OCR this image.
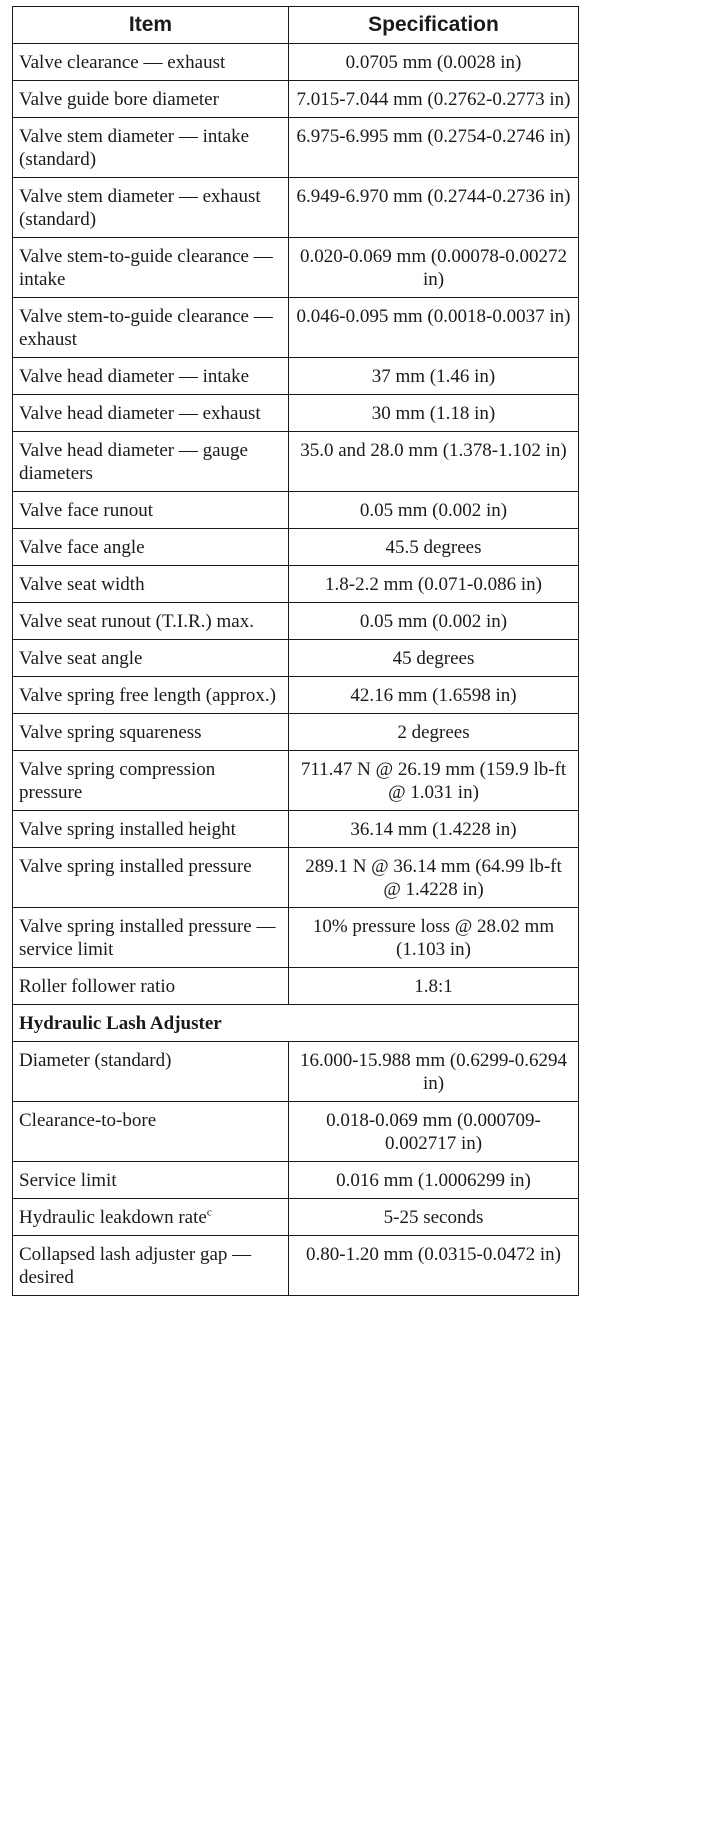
Item	Specification
Valve clearance — exhaust	0.0705 mm (0.0028 in)
Valve guide bore diameter	7.015-7.044 mm (0.2762-0.2773 in)
Valve stem diameter — intake (standard)	6.975-6.995 mm (0.2754-0.2746 in)
Valve stem diameter — exhaust (standard)	6.949-6.970 mm (0.2744-0.2736 in)
Valve stem-to-guide clearance — intake	0.020-0.069 mm (0.00078-0.00272 in)
Valve stem-to-guide clearance — exhaust	0.046-0.095 mm (0.0018-0.0037 in)
Valve head diameter — intake	37 mm (1.46 in)
Valve head diameter — exhaust	30 mm (1.18 in)
Valve head diameter — gauge diameters	35.0 and 28.0 mm (1.378-1.102 in)
Valve face runout	0.05 mm (0.002 in)
Valve face angle	45.5 degrees
Valve seat width	1.8-2.2 mm (0.071-0.086 in)
Valve seat runout (T.I.R.) max.	0.05 mm (0.002 in)
Valve seat angle	45 degrees
Valve spring free length (approx.)	42.16 mm (1.6598 in)
Valve spring squareness	2 degrees
Valve spring compression pressure	711.47 N @ 26.19 mm (159.9 lb-ft @ 1.031 in)
Valve spring installed height	36.14 mm (1.4228 in)
Valve spring installed pressure	289.1 N @ 36.14 mm (64.99 lb-ft @ 1.4228 in)
Valve spring installed pressure — service limit	10% pressure loss @ 28.02 mm (1.103 in)
Roller follower ratio	1.8:1
Hydraulic Lash Adjuster	
Diameter (standard)	16.000-15.988 mm (0.6299-0.6294 in)
Clearance-to-bore	0.018-0.069 mm (0.000709-0.002717 in)
Service limit	0.016 mm (1.0006299 in)
Hydraulic leakdown rate$^c$	5-25 seconds
Collapsed lash adjuster gap — desired	0.80-1.20 mm (0.0315-0.0472 in)
